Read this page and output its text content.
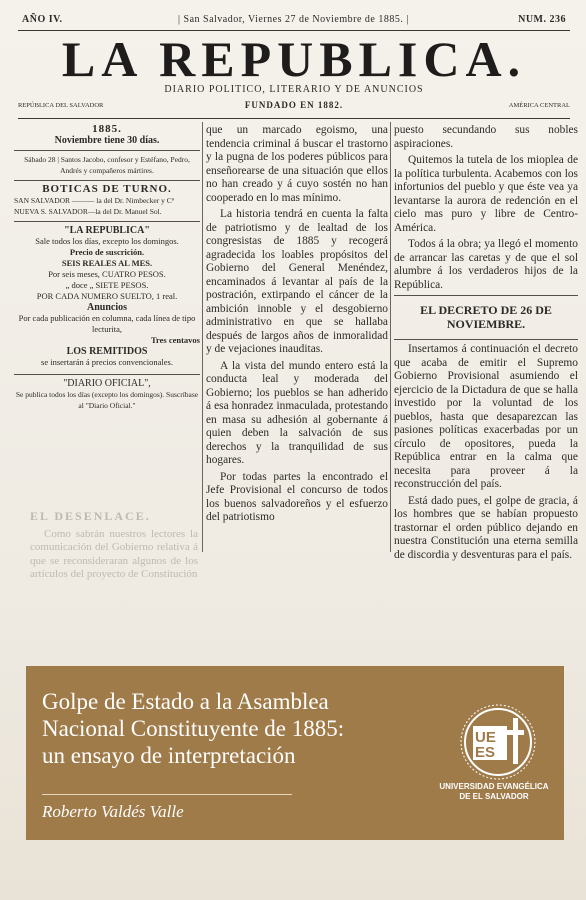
AÑO IV.	| San Salvador, Viernes 27 de Noviembre de 1885. |	NUM. 236
LA REPUBLICA.
DIARIO POLITICO, LITERARIO Y DE ANUNCIOS
REPÚBLICA DEL SALVADOR	FUNDADO EN 1882.	AMÉRICA CENTRAL

1885.

Noviembre tiene 30 días.

Sábado 28 | Santos Jacobo, confesor y Estéfano, Pedro, Andrés y compañeros mártires.

BOTICAS DE TURNO.

SAN SALVADOR ——— la del Dr. Nimbecker y Cª

NUEVA S. SALVADOR—la del Dr. Manuel Sol.

"LA REPUBLICA"

Sale todos los días, excepto los domingos.

Precio de suscrición.

SEIS REALES AL MES.

Por seis meses, CUATRO PESOS.

„ doce „ SIETE PESOS.

POR CADA NUMERO SUELTO, 1 real.

Anuncios

Por cada publicación en columna, cada línea de tipo lecturita,

Tres centavos

LOS REMITIDOS

se insertarán á precios convencionales.

"DIARIO OFICIAL",

Se publica todos los días (excepto los domingos). Suscríbase al "Diario Oficial."

que un marcado egoismo, una tendencia criminal á buscar el trastorno y la pugna de los poderes públicos para enseñorearse de una situación que ellos no han creado y á cuyo sostén no han cooperado en lo mas mínimo.

La historia tendrá en cuenta la falta de patriotismo y de lealtad de los congresistas de 1885 y recogerá agradecida los loables propósitos del Gobierno del General Menéndez, encaminados á levantar al país de la postración, extirpando el cáncer de la ambición innoble y el desgobierno administrativo en que se hallaba después de largos años de inmoralidad y de vejaciones inauditas.

A la vista del mundo entero está la conducta leal y moderada del Gobierno; los pueblos se han adherido á esa honradez inmaculada, protestando en masa su adhesión al gobernante á quien deben la salvación de sus derechos y la tranquilidad de sus hogares.

Por todas partes la encontrado el Jefe Provisional el concurso de todos los buenos salvadoreños y el esfuerzo del patriotismo

puesto secundando sus nobles aspiraciones.

Quitemos la tutela de los mioplea de la política turbulenta. Acabemos con los infortunios del pueblo y que éste vea ya levantarse la aurora de redención en el cielo mas puro y libre de Centro-América.

Todos á la obra; ya llegó el momento de arrancar las caretas y de que el sol alumbre á los verdaderos hijos de la República.

EL DECRETO DE 26 DE NOVIEMBRE.

Insertamos á continuación el decreto que acaba de emitir el Supremo Gobierno Provisional asumiendo el ejercicio de la Dictadura de que se halla investido por la voluntad de los pueblos, hasta que desaparezcan las pasiones políticas exacerbadas por un círculo de opositores, pueda la República entrar en la calma que necesita para proveer á la reconstrucción del país.

Está dado pues, el golpe de gracia, á los hombres que se habían propuesto trastornar el orden público dejando en nuestra Constitución una eterna semilla de discordia y desventuras para el país.

EL DESENLACE.

Como sabrán nuestros lectores la comunicación del Gobierno relativa á que se reconsideraran algunos de los artículos del proyecto de Constitución

Golpe de Estado a la Asamblea
Nacional Constituyente de 1885:
un ensayo de interpretación
Roberto Valdés Valle
UE
ES
UNIVERSIDAD EVANGÉLICA
DE EL SALVADOR
